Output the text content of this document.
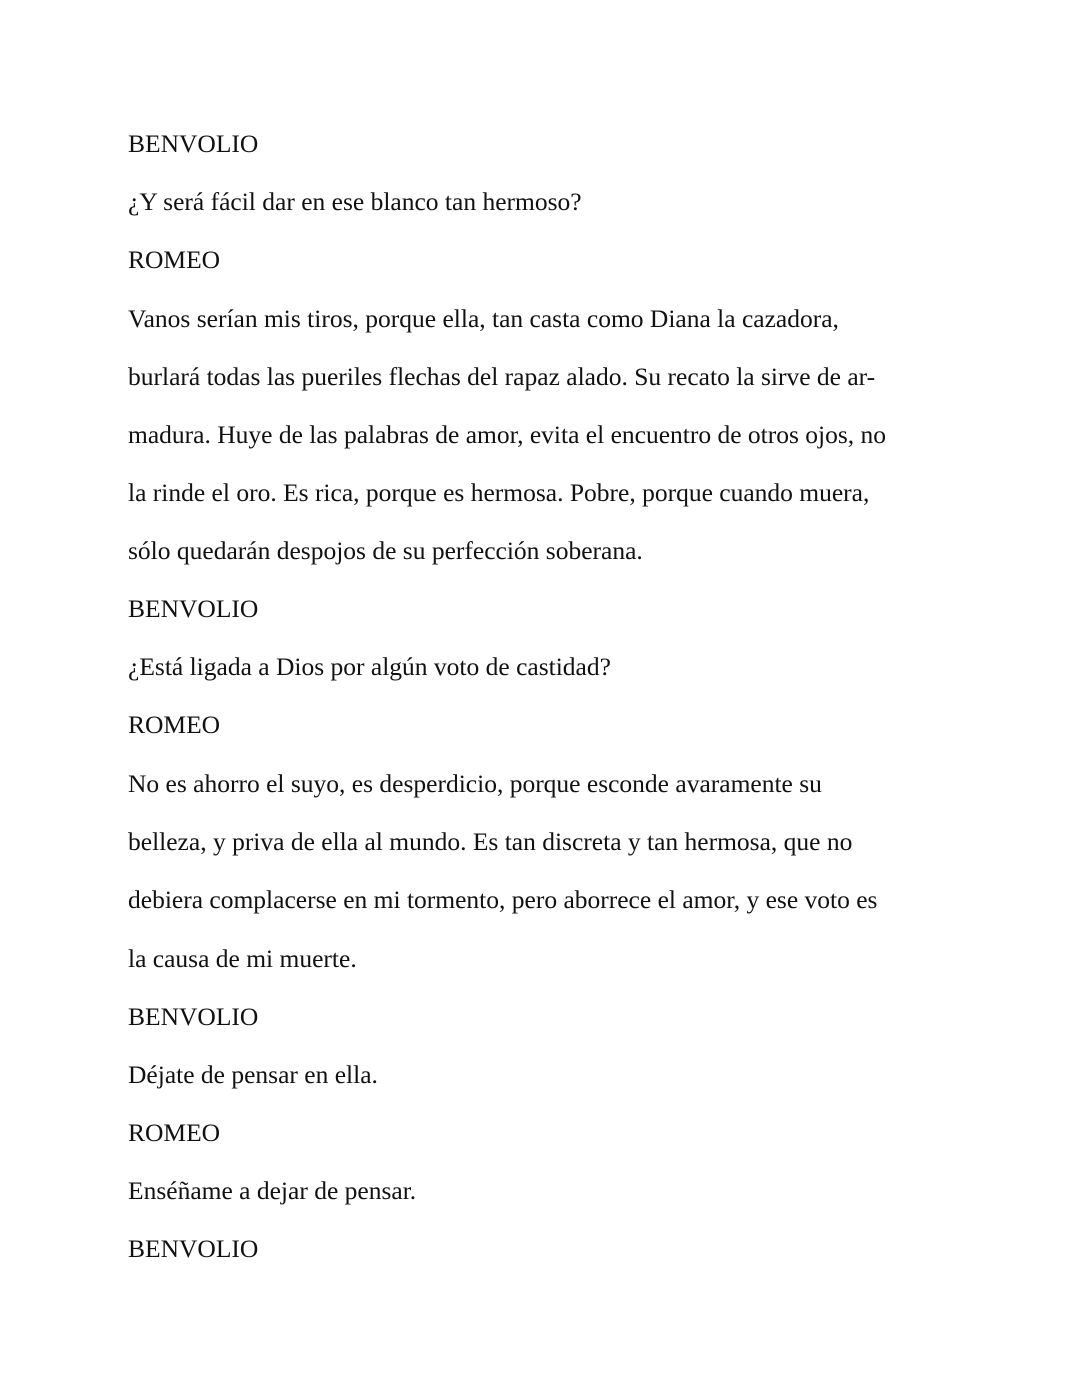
BENVOLIO
¿Y será fácil dar en ese blanco tan hermoso?
ROMEO
Vanos serían mis tiros, porque ella, tan casta como Diana la cazadora,
burlará todas las pueriles flechas del rapaz alado. Su recato la sirve de ar-
madura. Huye de las palabras de amor, evita el encuentro de otros ojos, no
la rinde el oro. Es rica, porque es hermosa. Pobre, porque cuando muera,
sólo quedarán despojos de su perfección soberana.
BENVOLIO
¿Está ligada a Dios por algún voto de castidad?
ROMEO
No es ahorro el suyo, es desperdicio, porque esconde avaramente su
belleza, y priva de ella al mundo. Es tan discreta y tan hermosa, que no
debiera complacerse en mi tormento, pero aborrece el amor, y ese voto es
la causa de mi muerte.
BENVOLIO
Déjate de pensar en ella.
ROMEO
Enséñame a dejar de pensar.
BENVOLIO
